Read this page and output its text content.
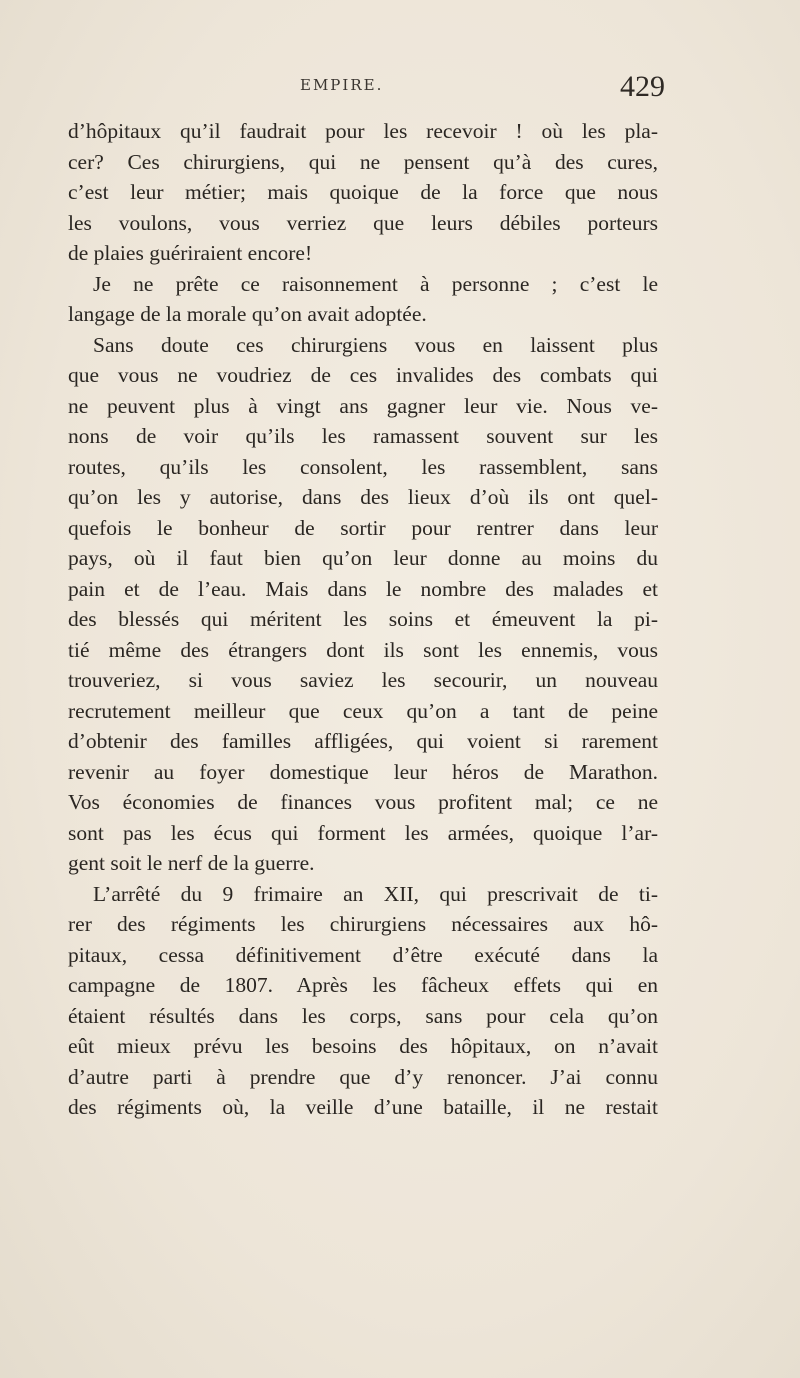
EMPIRE.	429
d’hôpitaux qu’il faudrait pour les recevoir ! où les pla-
cer? Ces chirurgiens, qui ne pensent qu’à des cures,
c’est leur métier; mais quoique de la force que nous
les voulons, vous verriez que leurs débiles porteurs
de plaies guériraient encore!
Je ne prête ce raisonnement à personne ; c’est le
langage de la morale qu’on avait adoptée.
Sans doute ces chirurgiens vous en laissent plus
que vous ne voudriez de ces invalides des combats qui
ne peuvent plus à vingt ans gagner leur vie. Nous ve-
nons de voir qu’ils les ramassent souvent sur les
routes, qu’ils les consolent, les rassemblent, sans
qu’on les y autorise, dans des lieux d’où ils ont quel-
quefois le bonheur de sortir pour rentrer dans leur
pays, où il faut bien qu’on leur donne au moins du
pain et de l’eau. Mais dans le nombre des malades et
des blessés qui méritent les soins et émeuvent la pi-
tié même des étrangers dont ils sont les ennemis, vous
trouveriez, si vous saviez les secourir, un nouveau
recrutement meilleur que ceux qu’on a tant de peine
d’obtenir des familles affligées, qui voient si rarement
revenir au foyer domestique leur héros de Marathon.
Vos économies de finances vous profitent mal; ce ne
sont pas les écus qui forment les armées, quoique l’ar-
gent soit le nerf de la guerre.
L’arrêté du 9 frimaire an XII, qui prescrivait de ti-
rer des régiments les chirurgiens nécessaires aux hô-
pitaux, cessa définitivement d’être exécuté dans la
campagne de 1807. Après les fâcheux effets qui en
étaient résultés dans les corps, sans pour cela qu’on
eût mieux prévu les besoins des hôpitaux, on n’avait
d’autre parti à prendre que d’y renoncer. J’ai connu
des régiments où, la veille d’une bataille, il ne restait
